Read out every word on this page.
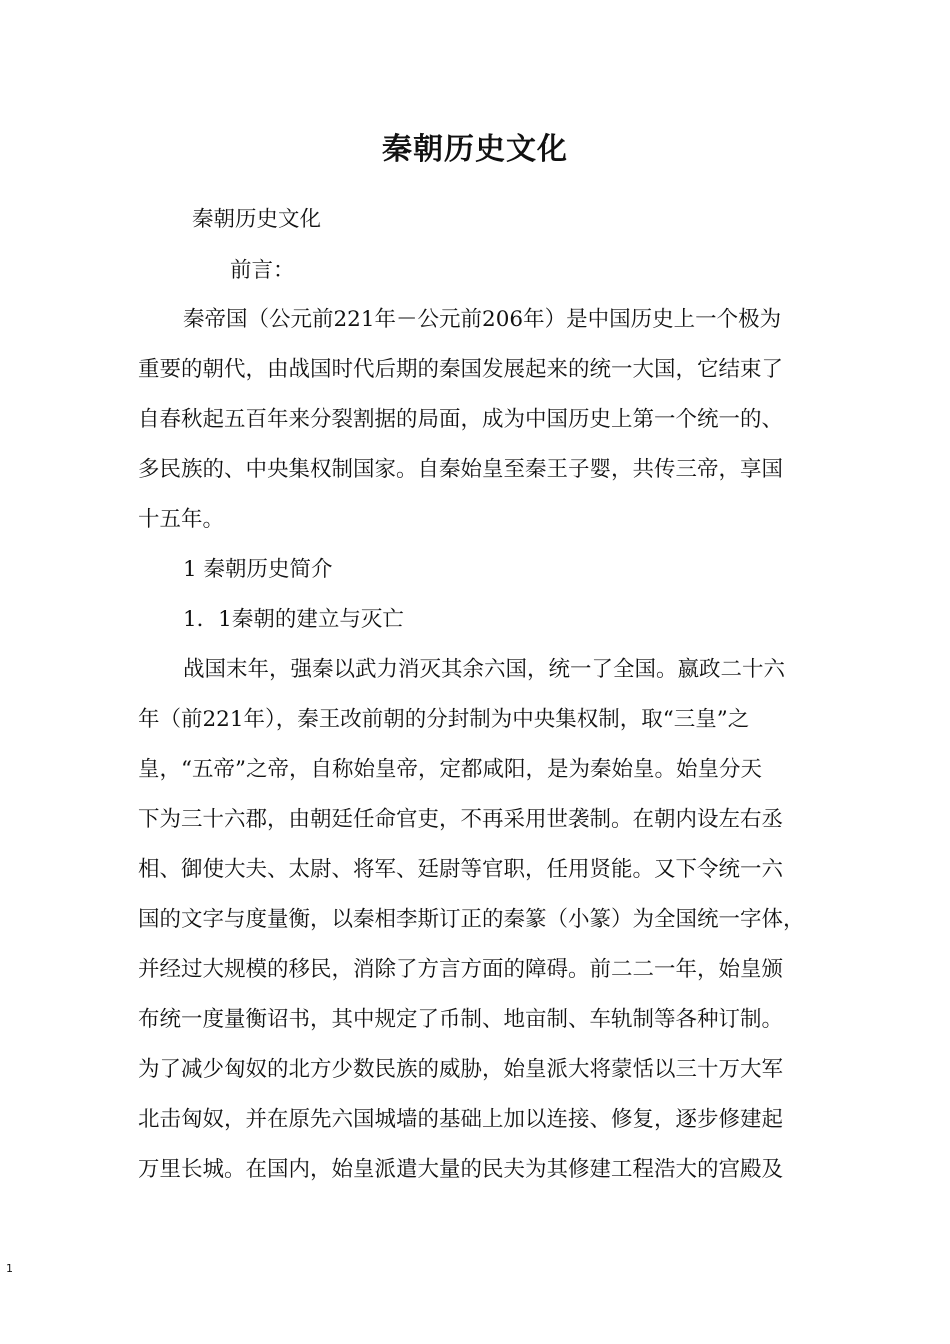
秦朝历史文化
秦朝历史文化
前言：
秦帝国（公元前221年－公元前206年）是中国历史上一个极为
重要的朝代，由战国时代后期的秦国发展起来的统一大国，它结束了
自春秋起五百年来分裂割据的局面，成为中国历史上第一个统一的、
多民族的、中央集权制国家。自秦始皇至秦王子婴，共传三帝，享国
十五年。
1 秦朝历史简介
1．1秦朝的建立与灭亡
战国末年，强秦以武力消灭其余六国，统一了全国。嬴政二十六
年（前221年），秦王改前朝的分封制为中央集权制，取“三皇”之
皇，“五帝”之帝，自称始皇帝，定都咸阳，是为秦始皇。始皇分天
下为三十六郡，由朝廷任命官吏，不再采用世袭制。在朝内设左右丞
相、御使大夫、太尉、将军、廷尉等官职，任用贤能。又下令统一六
国的文字与度量衡，以秦相李斯订正的秦篆（小篆）为全国统一字体，
并经过大规模的移民，消除了方言方面的障碍。前二二一年，始皇颁
布统一度量衡诏书，其中规定了币制、地亩制、车轨制等各种订制。
为了减少匈奴的北方少数民族的威胁，始皇派大将蒙恬以三十万大军
北击匈奴，并在原先六国城墙的基础上加以连接、修复，逐步修建起
万里长城。在国内，始皇派遣大量的民夫为其修建工程浩大的宫殿及
1
